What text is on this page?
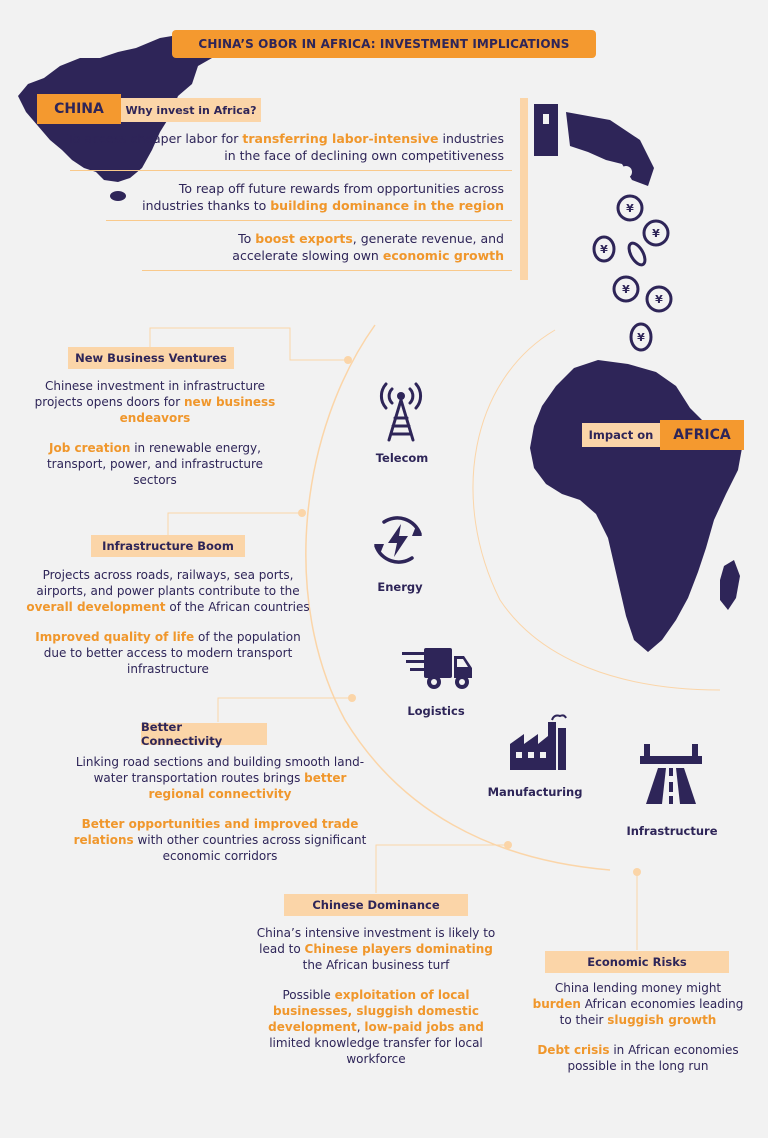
¥
¥
¥
¥
¥
¥
CHINA’S OBOR IN AFRICA: INVESTMENT IMPLICATIONS
CHINA	Why invest in Africa?
To access cheaper labor for transferring labor-intensive industries
in the face of declining own competitiveness
To reap off future rewards from opportunities across
industries thanks to building dominance in the region
To boost exports, generate revenue, and
accelerate slowing own economic growth
Impact on	AFRICA
New Business Ventures
Chinese investment in infrastructure
projects opens doors for new business
endeavors
Job creation in renewable energy,
transport, power, and infrastructure
sectors
Infrastructure Boom
Projects across roads, railways, sea ports,
airports, and power plants contribute to the
overall development of the African countries
Improved quality of life of the population
due to better access to modern transport
infrastructure
Better Connectivity
Linking road sections and building smooth land-
water transportation routes brings better
regional connectivity
Better opportunities and improved trade
relations with other countries across significant
economic corridors
Chinese Dominance
China’s intensive investment is likely to
lead to Chinese players dominating
the African business turf
Possible exploitation of local
businesses, sluggish domestic
development, low-paid jobs and
limited knowledge transfer for local
workforce
Economic Risks
China lending money might
burden African economies leading
to their sluggish growth
Debt crisis in African economies
possible in the long run
Telecom
Energy
Logistics
Manufacturing
Infrastructure
